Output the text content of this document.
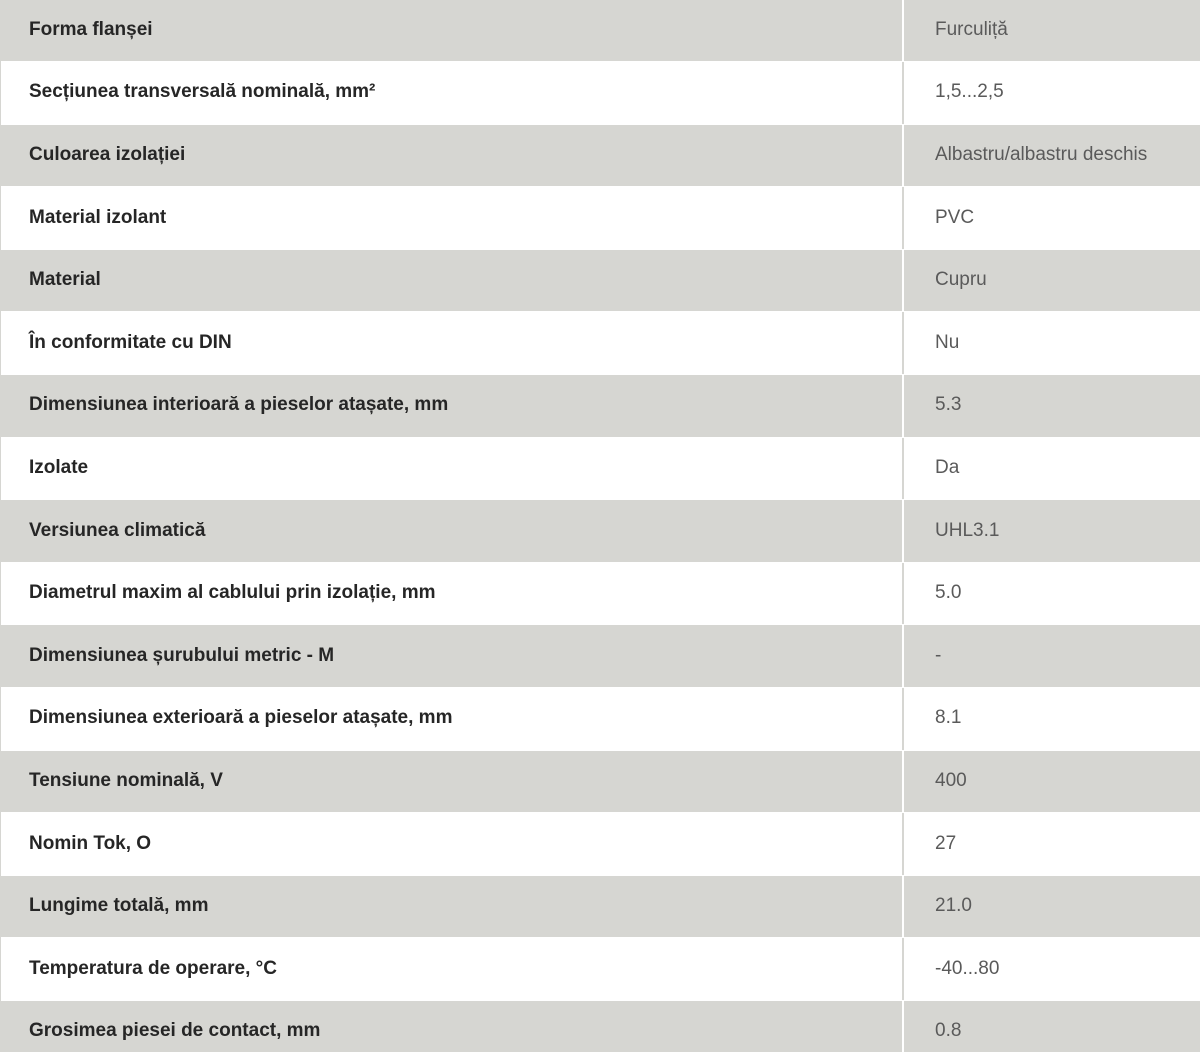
Forma flanșei	Furculiță
Secțiunea transversală nominală, mm²	1,5...2,5
Culoarea izolației	Albastru/albastru deschis
Material izolant	PVC
Material	Cupru
În conformitate cu DIN	Nu
Dimensiunea interioară a pieselor atașate, mm	5.3
Izolate	Da
Versiunea climatică	UHL3.1
Diametrul maxim al cablului prin izolație, mm	5.0
Dimensiunea șurubului metric - M	-
Dimensiunea exterioară a pieselor atașate, mm	8.1
Tensiune nominală, V	400
Nomin Tok, O	27
Lungime totală, mm	21.0
Temperatura de operare, °C	-40...80
Grosimea piesei de contact, mm	0.8
